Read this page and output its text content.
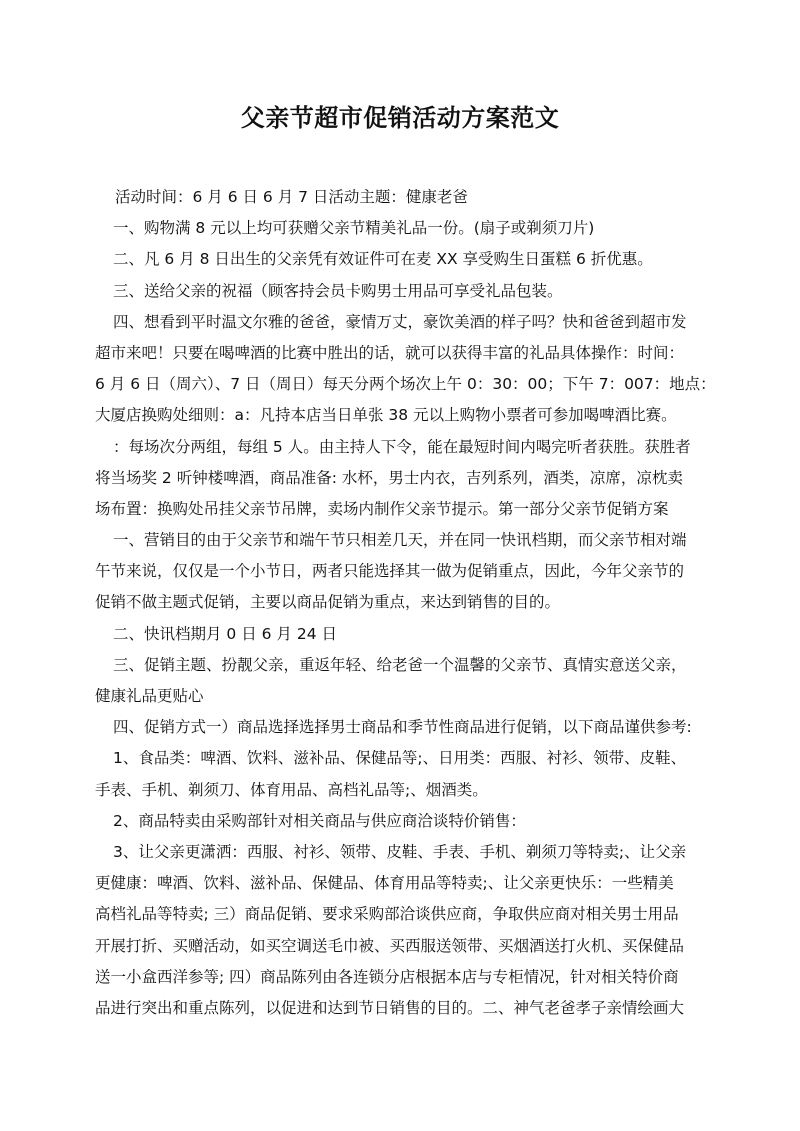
父亲节超市促销活动方案范文
活动时间：6 月 6 日 6 月 7 日活动主题：健康老爸
一、购物满 8 元以上均可获赠父亲节精美礼品一份。(扇子或剃须刀片)
二、凡 6 月 8 日出生的父亲凭有效证件可在麦 XX 享受购生日蛋糕 6 折优惠。
三、送给父亲的祝福（顾客持会员卡购男士用品可享受礼品包装。
四、想看到平时温文尔雅的爸爸，豪情万丈，豪饮美酒的样子吗？快和爸爸到超市发
超市来吧！只要在喝啤酒的比赛中胜出的话，就可以获得丰富的礼品具体操作：时间：
6 月 6 日（周六）、7 日（周日）每天分两个场次上午 0：30：00；下午 7：007：地点：
大厦店换购处细则：a：凡持本店当日单张 38 元以上购物小票者可参加喝啤酒比赛。
：每场次分两组，每组 5 人。由主持人下令，能在最短时间内喝完听者获胜。获胜者
将当场奖 2 听钟楼啤酒，商品准备: 水杯，男士内衣，吉列系列，酒类，凉席，凉枕卖
场布置：换购处吊挂父亲节吊牌，卖场内制作父亲节提示。第一部分父亲节促销方案
一、营销目的由于父亲节和端午节只相差几天，并在同一快讯档期，而父亲节相对端
午节来说，仅仅是一个小节日，两者只能选择其一做为促销重点，因此，今年父亲节的
促销不做主题式促销，主要以商品促销为重点，来达到销售的目的。
二、快讯档期月 0 日 6 月 24 日
三、促销主题、扮靓父亲，重返年轻、给老爸一个温馨的父亲节、真情实意送父亲，
健康礼品更贴心
四、促销方式一）商品选择选择男士商品和季节性商品进行促销，以下商品谨供参考:
1、食品类：啤酒、饮料、滋补品、保健品等;、日用类：西服、衬衫、领带、皮鞋、
手表、手机、剃须刀、体育用品、高档礼品等;、烟酒类。
2、商品特卖由采购部针对相关商品与供应商洽谈特价销售：
3、让父亲更潇洒：西服、衬衫、领带、皮鞋、手表、手机、剃须刀等特卖;、让父亲
更健康：啤酒、饮料、滋补品、保健品、体育用品等特卖;、让父亲更快乐：一些精美
高档礼品等特卖; 三）商品促销、要求采购部洽谈供应商，争取供应商对相关男士用品
开展打折、买赠活动，如买空调送毛巾被、买西服送领带、买烟酒送打火机、买保健品
送一小盒西洋参等; 四）商品陈列由各连锁分店根据本店与专柜情况，针对相关特价商
品进行突出和重点陈列，以促进和达到节日销售的目的。二、神气老爸孝子亲情绘画大
